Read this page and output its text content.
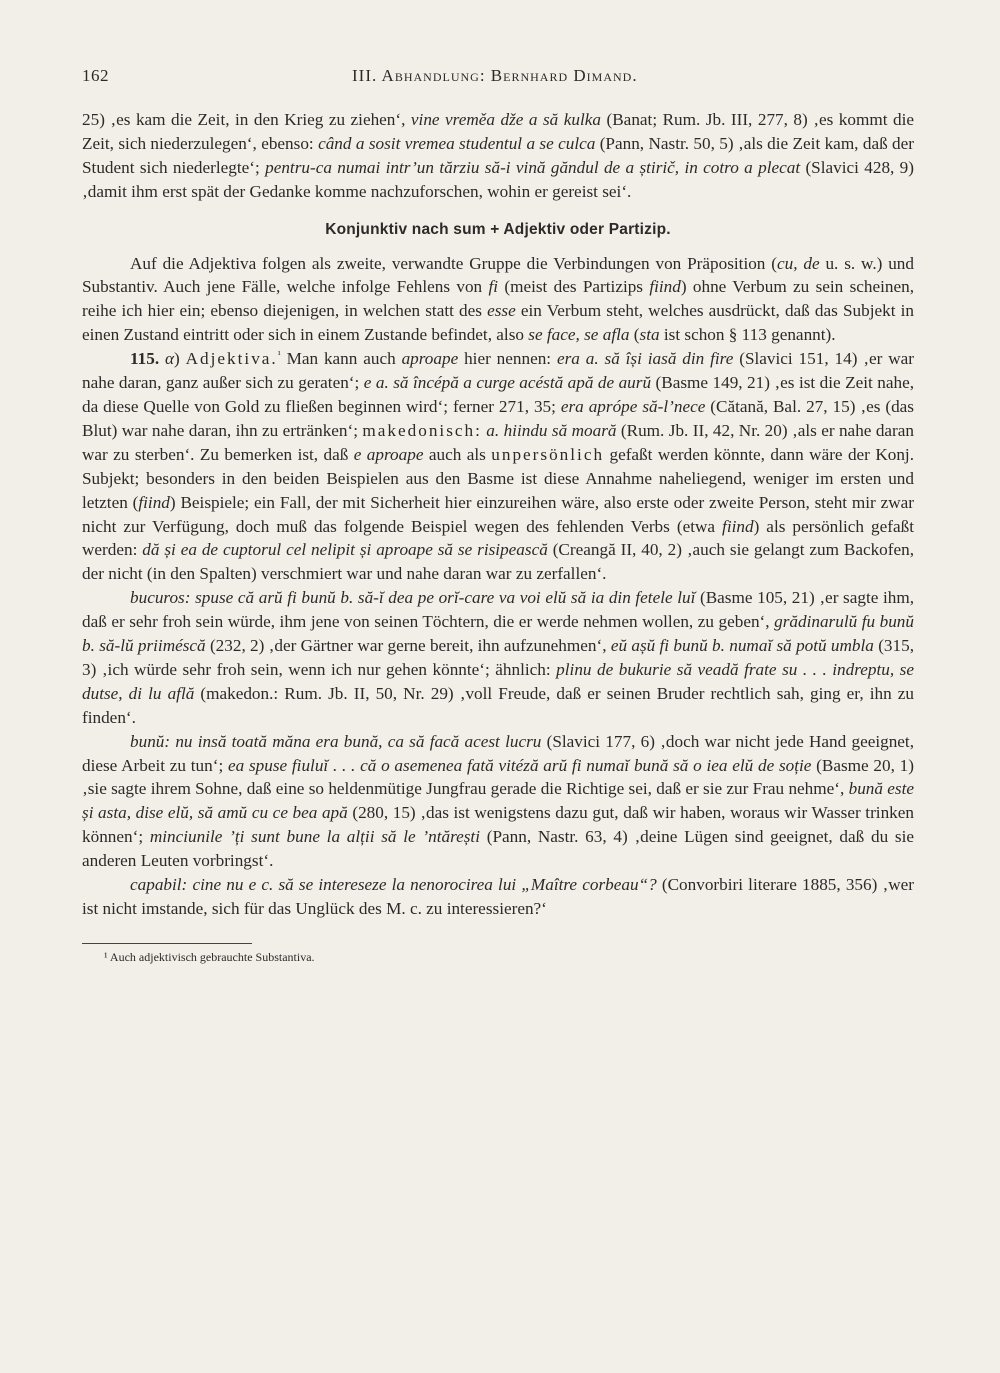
162	III. Abhandlung: Bernhard Dimand.

25) ‚es kam die Zeit, in den Krieg zu ziehen‘, vine vreměa dže a să kulka (Banat; Rum. Jb. III, 277, 8) ‚es kommt die Zeit, sich niederzulegen‘, ebenso: când a sosit vremea studentul a se culca (Pann, Nastr. 50, 5) ‚als die Zeit kam, daß der Student sich niederlegte‘; pentru-ca numai intr’un tărziu să-i vină găndul de a știrič, in cotro a plecat (Slavici 428, 9) ‚damit ihm erst spät der Gedanke komme nachzuforschen, wohin er gereist sei‘.

Konjunktiv nach sum + Adjektiv oder Partizip.

Auf die Adjektiva folgen als zweite, verwandte Gruppe die Verbindungen von Präposition (cu, de u. s. w.) und Substantiv. Auch jene Fälle, welche infolge Fehlens von fi (meist des Partizips fiind) ohne Verbum zu sein scheinen, reihe ich hier ein; ebenso diejenigen, in welchen statt des esse ein Verbum steht, welches ausdrückt, daß das Subjekt in einen Zustand eintritt oder sich in einem Zustande befindet, also se face, se afla (sta ist schon § 113 genannt).

115. α) Adjektiva.$^{^1}$ Man kann auch aproape hier nennen: era a. să își iasă din fire (Slavici 151, 14) ‚er war nahe daran, ganz außer sich zu geraten‘; e a. să încépă a curge acéstă apă de aurŭ (Basme 149, 21) ‚es ist die Zeit nahe, da diese Quelle von Gold zu fließen beginnen wird‘; ferner 271, 35; era apróре să-l’nece (Cătană, Bal. 27, 15) ‚es (das Blut) war nahe daran, ihn zu ertränken‘; makedonisch: a. hiindu să moară (Rum. Jb. II, 42, Nr. 20) ‚als er nahe daran war zu sterben‘. Zu bemerken ist, daß e aproape auch als unpersönlich gefaßt werden könnte, dann wäre der Konj. Subjekt; besonders in den beiden Beispielen aus den Basme ist diese Annahme naheliegend, weniger im ersten und letzten (fiind) Beispiele; ein Fall, der mit Sicherheit hier einzureihen wäre, also erste oder zweite Person, steht mir zwar nicht zur Verfügung, doch muß das folgende Beispiel wegen des fehlenden Verbs (etwa fiind) als persönlich gefaßt werden: dă și ea de cuptorul cel nelipit și aproape să se risipească (Creangă II, 40, 2) ‚auch sie gelangt zum Backofen, der nicht (in den Spalten) verschmiert war und nahe daran war zu zerfallen‘.

bucuros: spuse că arŭ fi bunŭ b. să-ĭ dea pe orĭ-care va voi elŭ să ia din fetele luĭ (Basme 105, 21) ‚er sagte ihm, daß er sehr froh sein würde, ihm jene von seinen Töchtern, die er werde nehmen wollen, zu geben‘, grădinarulŭ fu bunŭ b. să-lŭ priiméscă (232, 2) ‚der Gärtner war gerne bereit, ihn aufzunehmen‘, eŭ așŭ fi bunŭ b. numaĭ să potŭ umbla (315, 3) ‚ich würde sehr froh sein, wenn ich nur gehen könnte‘; ähnlich: plinu de bukurie să veadă frate su . . . indreptu, se dutse, di lu află (makedon.: Rum. Jb. II, 50, Nr. 29) ‚voll Freude, daß er seinen Bruder rechtlich sah, ging er, ihn zu finden‘.

bunŭ: nu insă toată măna era bună, ca să facă acest lucru (Slavici 177, 6) ‚doch war nicht jede Hand geeignet, diese Arbeit zu tun‘; ea spuse fiuluĭ . . . că o asemenea fată vitéză arŭ fi numaĭ bună să o iea elŭ de soție (Basme 20, 1) ‚sie sagte ihrem Sohne, daß eine so heldenmütige Jungfrau gerade die Richtige sei, daß er sie zur Frau nehme‘, bună este și asta, dise elŭ, să amŭ cu ce bea apă (280, 15) ‚das ist wenigstens dazu gut, daß wir haben, woraus wir Wasser trinken können‘; minciunile ’ți sunt bune la alții să le ’ntărești (Pann, Nastr. 63, 4) ‚deine Lügen sind geeignet, daß du sie anderen Leuten vorbringst‘.

capabil: cine nu e c. să se intereseze la nenorocirea lui „Maître corbeau“? (Convorbiri literare 1885, 356) ‚wer ist nicht imstande, sich für das Unglück des M. c. zu interessieren?‘

¹ Auch adjektivisch gebrauchte Substantiva.
